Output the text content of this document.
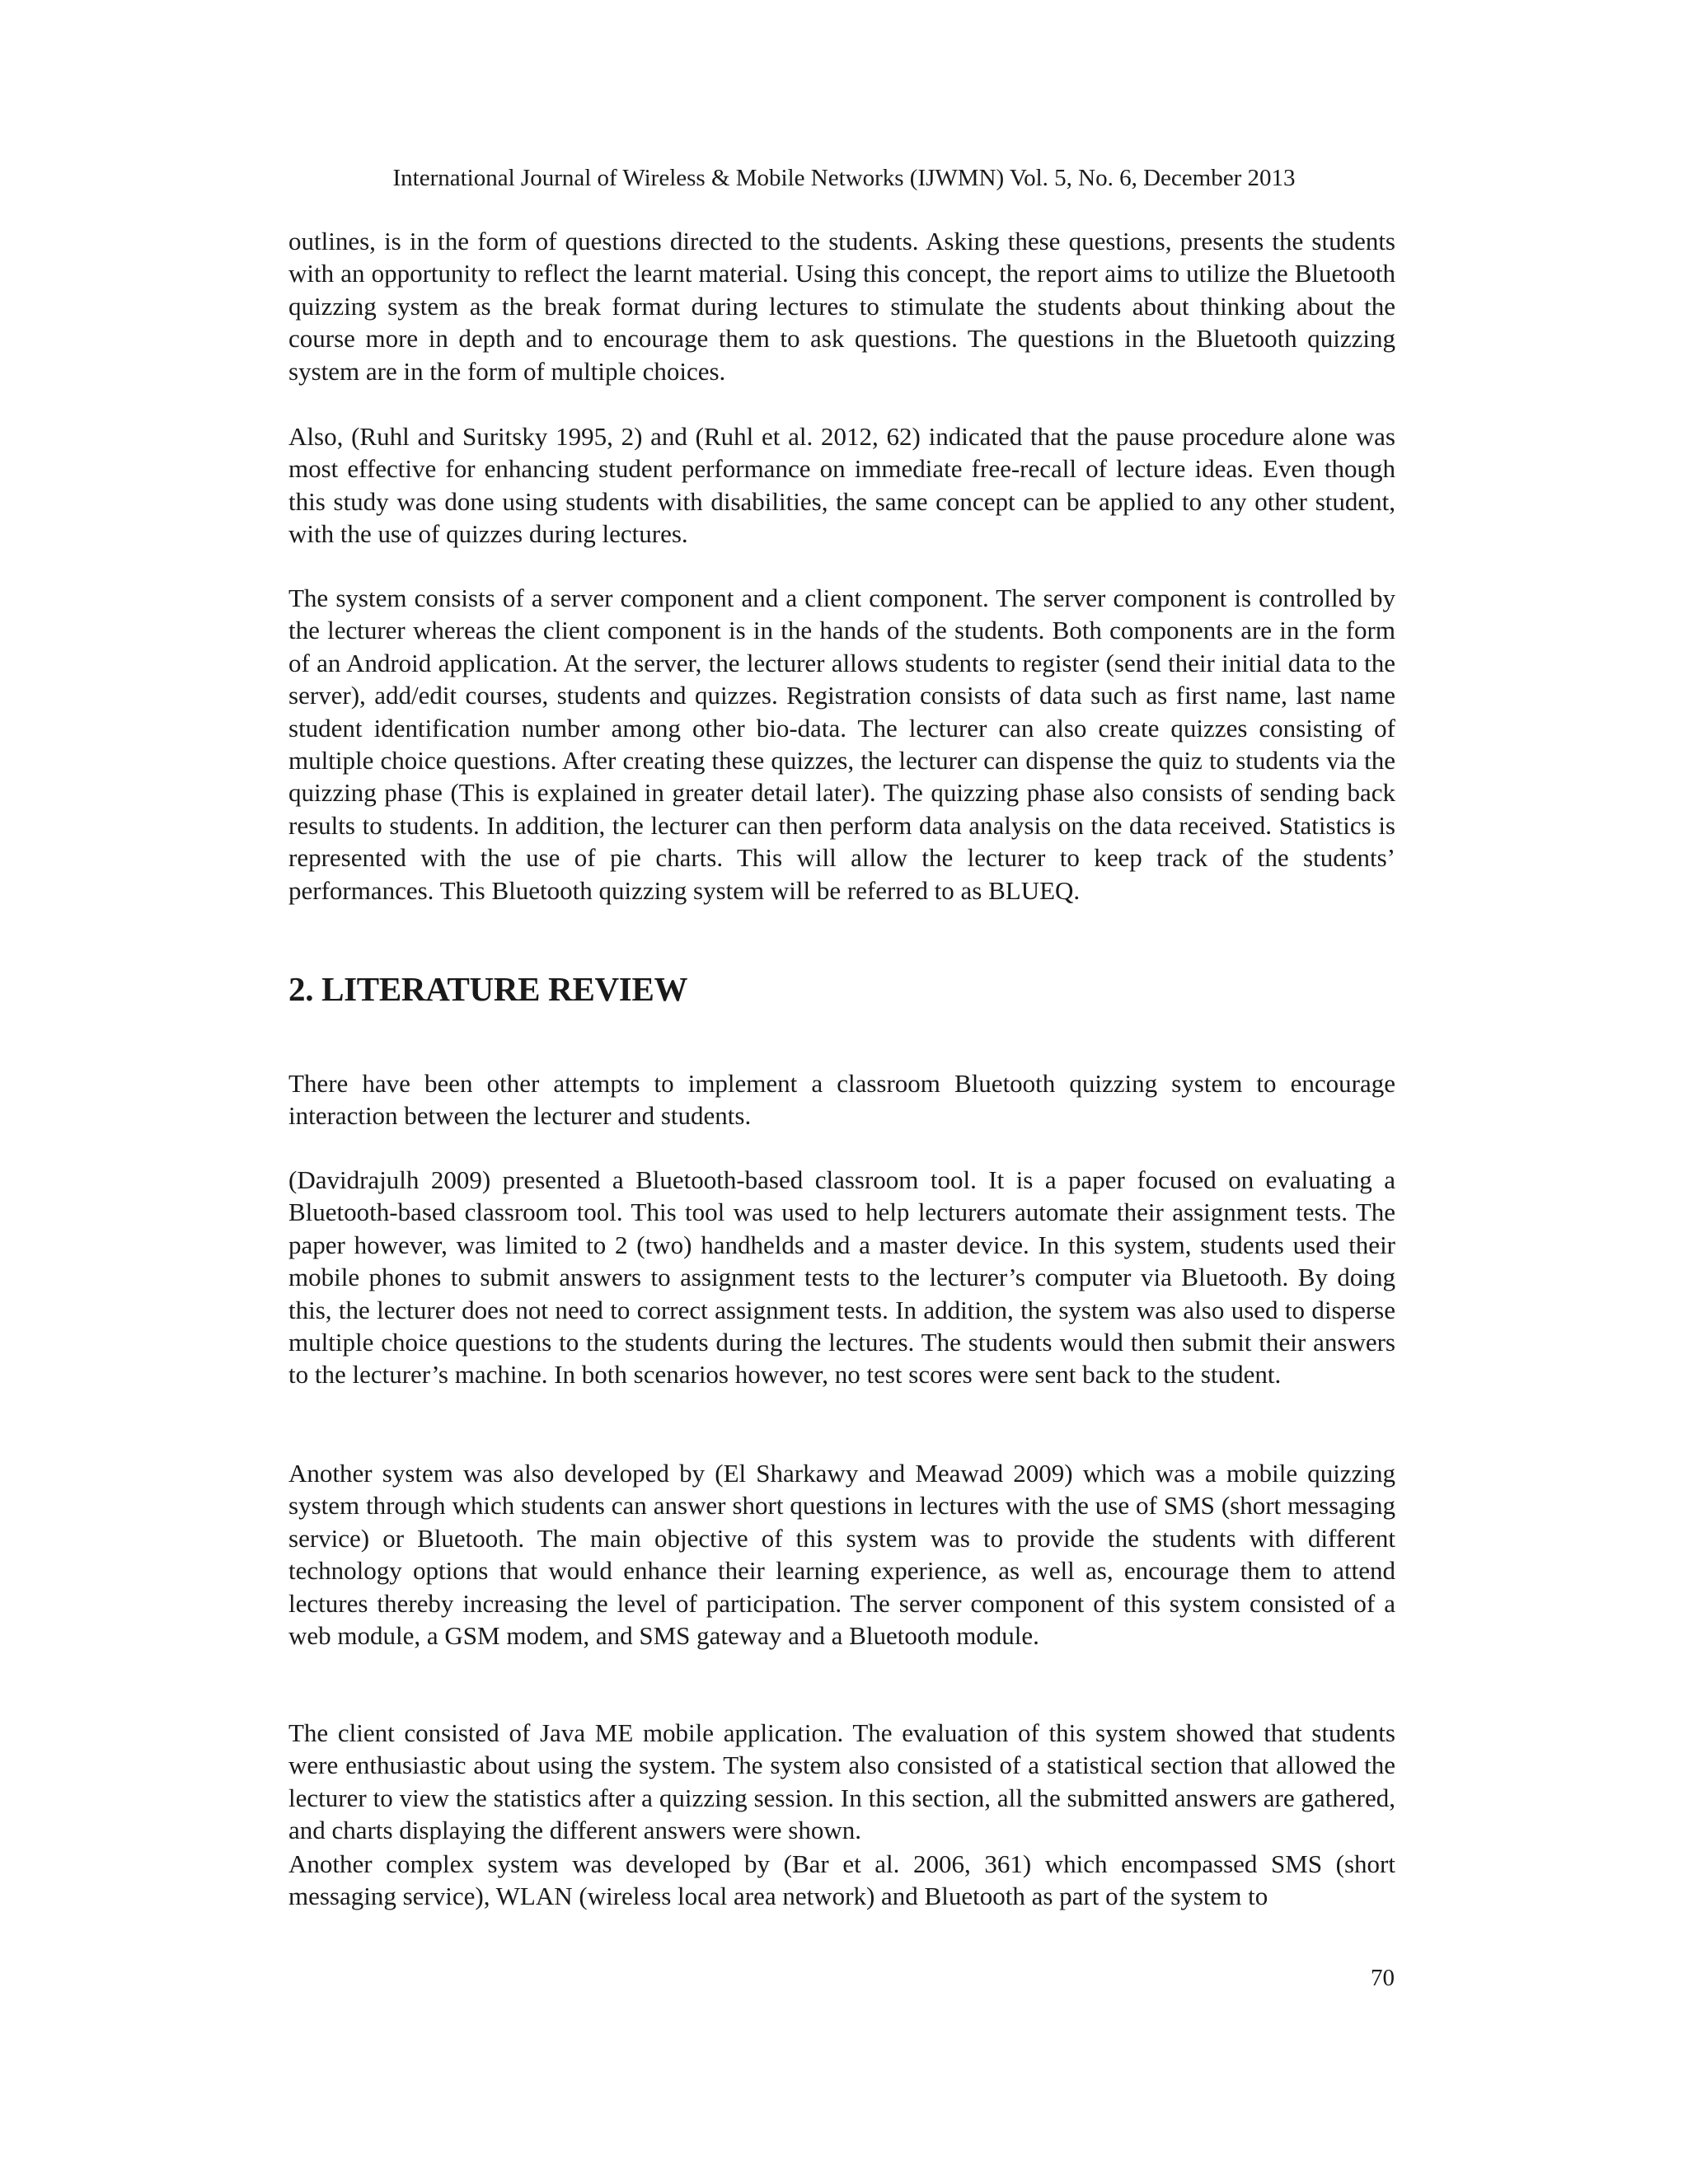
International Journal of Wireless & Mobile Networks (IJWMN) Vol. 5, No. 6, December 2013

outlines, is in the form of questions directed to the students. Asking these questions, presents the students with an opportunity to reflect the learnt material. Using this concept, the report aims to utilize the Bluetooth quizzing system as the break format during lectures to stimulate the students about thinking about the course more in depth and to encourage them to ask questions. The questions in the Bluetooth quizzing system are in the form of multiple choices.

Also, (Ruhl and Suritsky 1995, 2) and (Ruhl et al. 2012, 62) indicated that the pause procedure alone was most effective for enhancing student performance on immediate free-recall of lecture ideas. Even though this study was done using students with disabilities, the same concept can be applied to any other student, with the use of quizzes during lectures.

The system consists of a server component and a client component. The server component is controlled by the lecturer whereas the client component is in the hands of the students. Both components are in the form of an Android application. At the server, the lecturer allows students to register (send their initial data to the server), add/edit courses, students and quizzes. Registration consists of data such as first name, last name student identification number among other bio-data. The lecturer can also create quizzes consisting of multiple choice questions. After creating these quizzes, the lecturer can dispense the quiz to students via the quizzing phase (This is explained in greater detail later). The quizzing phase also consists of sending back results to students. In addition, the lecturer can then perform data analysis on the data received. Statistics is represented with the use of pie charts. This will allow the lecturer to keep track of the students’ performances. This Bluetooth quizzing system will be referred to as BLUEQ.

2. LITERATURE REVIEW

There have been other attempts to implement a classroom Bluetooth quizzing system to encourage interaction between the lecturer and students.

(Davidrajulh 2009) presented a Bluetooth-based classroom tool. It is a paper focused on evaluating a Bluetooth-based classroom tool. This tool was used to help lecturers automate their assignment tests. The paper however, was limited to 2 (two) handhelds and a master device. In this system, students used their mobile phones to submit answers to assignment tests to the lecturer’s computer via Bluetooth. By doing this, the lecturer does not need to correct assignment tests. In addition, the system was also used to disperse multiple choice questions to the students during the lectures. The students would then submit their answers to the lecturer’s machine. In both scenarios however, no test scores were sent back to the student.

Another system was also developed by (El Sharkawy and Meawad 2009) which was a mobile quizzing system through which students can answer short questions in lectures with the use of SMS (short messaging service) or Bluetooth. The main objective of this system was to provide the students with different technology options that would enhance their learning experience, as well as, encourage them to attend lectures thereby increasing the level of participation. The server component of this system consisted of a web module, a GSM modem, and SMS gateway and a Bluetooth module.

The client consisted of Java ME mobile application. The evaluation of this system showed that students were enthusiastic about using the system. The system also consisted of a statistical section that allowed the lecturer to view the statistics after a quizzing session. In this section, all the submitted answers are gathered, and charts displaying the different answers were shown.

Another complex system was developed by (Bar et al. 2006, 361) which encompassed SMS (short messaging service), WLAN (wireless local area network) and Bluetooth as part of the system to

70
